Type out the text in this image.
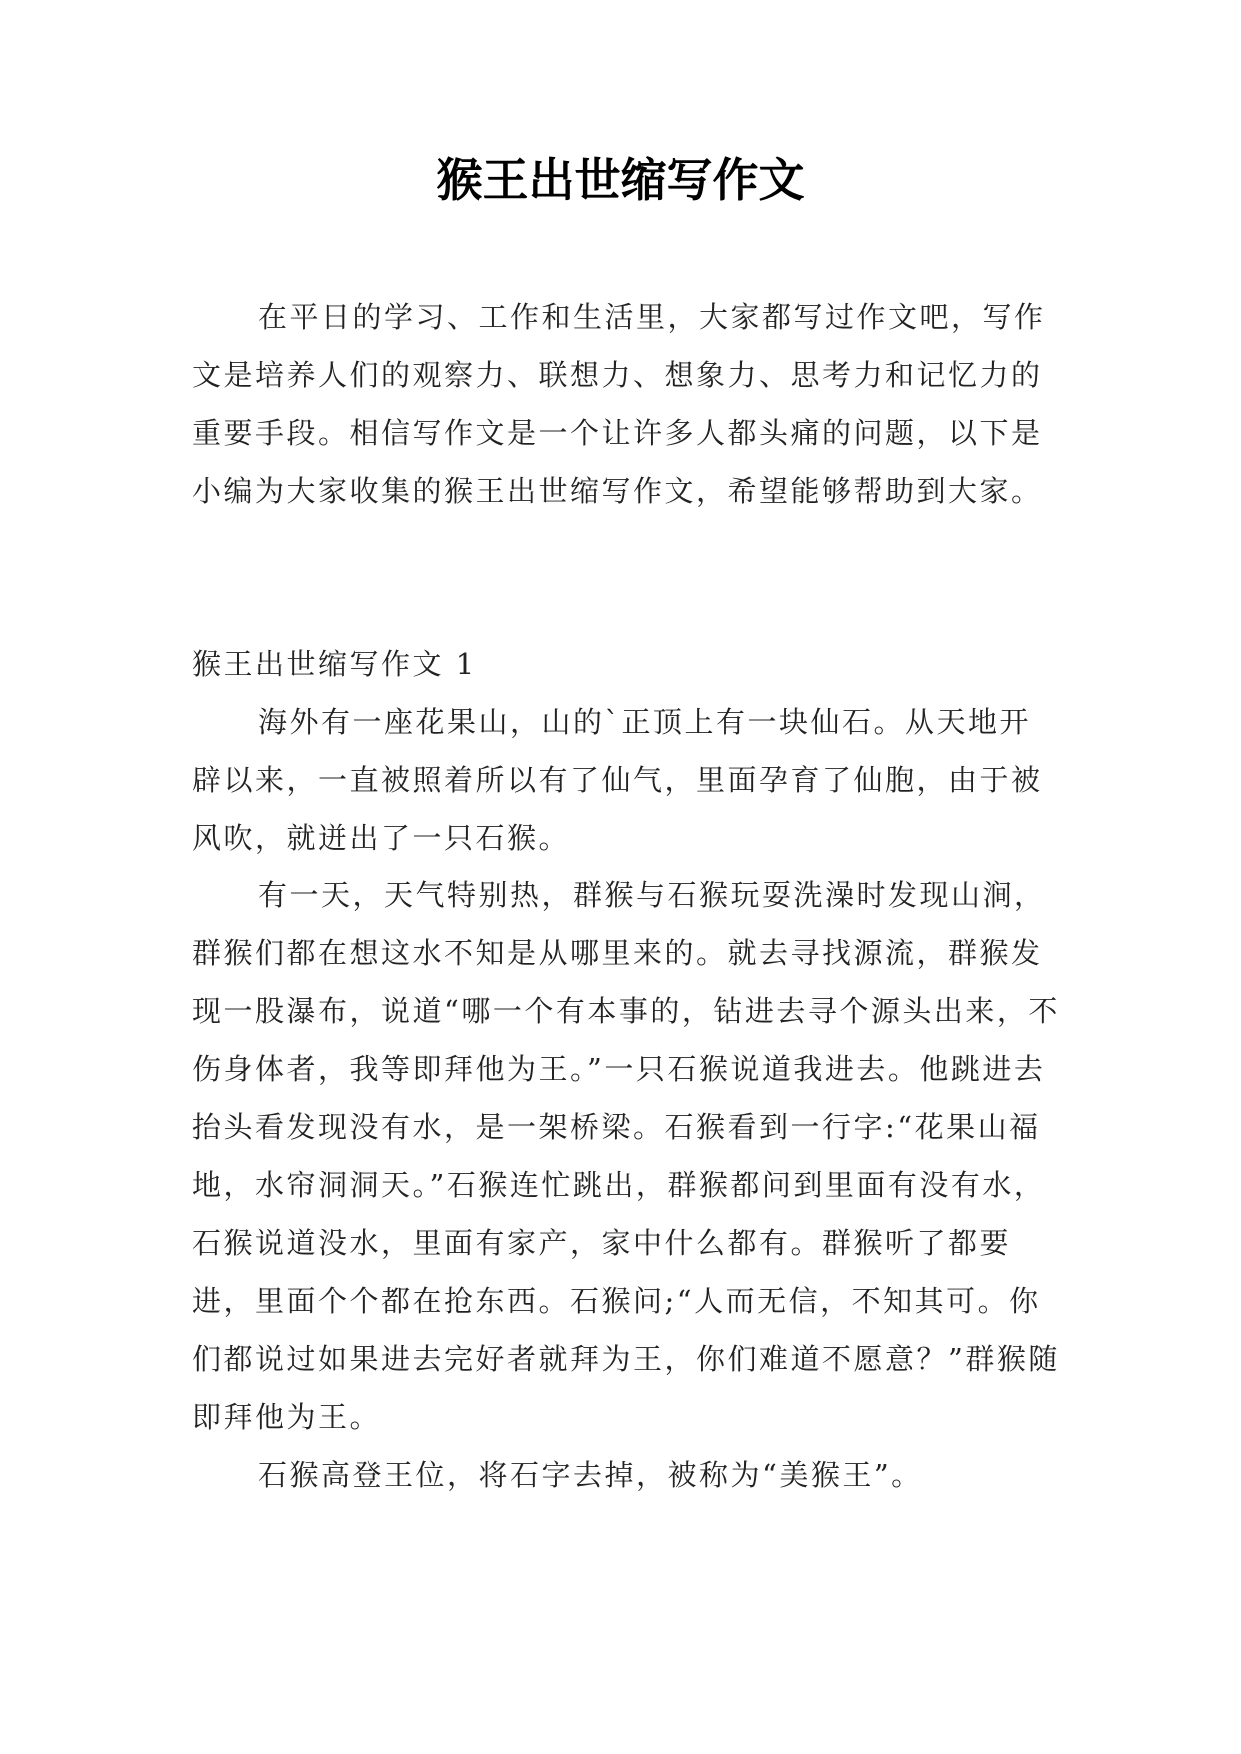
猴王出世缩写作文

在平日的学习、工作和生活里，大家都写过作文吧，写作文是培养人们的观察力、联想力、想象力、思考力和记忆力的重要手段。相信写作文是一个让许多人都头痛的问题，以下是小编为大家收集的猴王出世缩写作文，希望能够帮助到大家。

猴王出世缩写作文 1

海外有一座花果山，山的`正顶上有一块仙石。从天地开辟以来，一直被照着所以有了仙气，里面孕育了仙胞，由于被风吹，就迸出了一只石猴。

有一天，天气特别热，群猴与石猴玩耍洗澡时发现山涧，群猴们都在想这水不知是从哪里来的。就去寻找源流，群猴发现一股瀑布，说道“哪一个有本事的，钻进去寻个源头出来，不伤身体者，我等即拜他为王。”一只石猴说道我进去。他跳进去抬头看发现没有水，是一架桥梁。石猴看到一行字:“花果山福地，水帘洞洞天。”石猴连忙跳出，群猴都问到里面有没有水，石猴说道没水，里面有家产，家中什么都有。群猴听了都要进，里面个个都在抢东西。石猴问;“人而无信，不知其可。你们都说过如果进去完好者就拜为王，你们难道不愿意？”群猴随即拜他为王。

石猴高登王位，将石字去掉，被称为“美猴王”。
